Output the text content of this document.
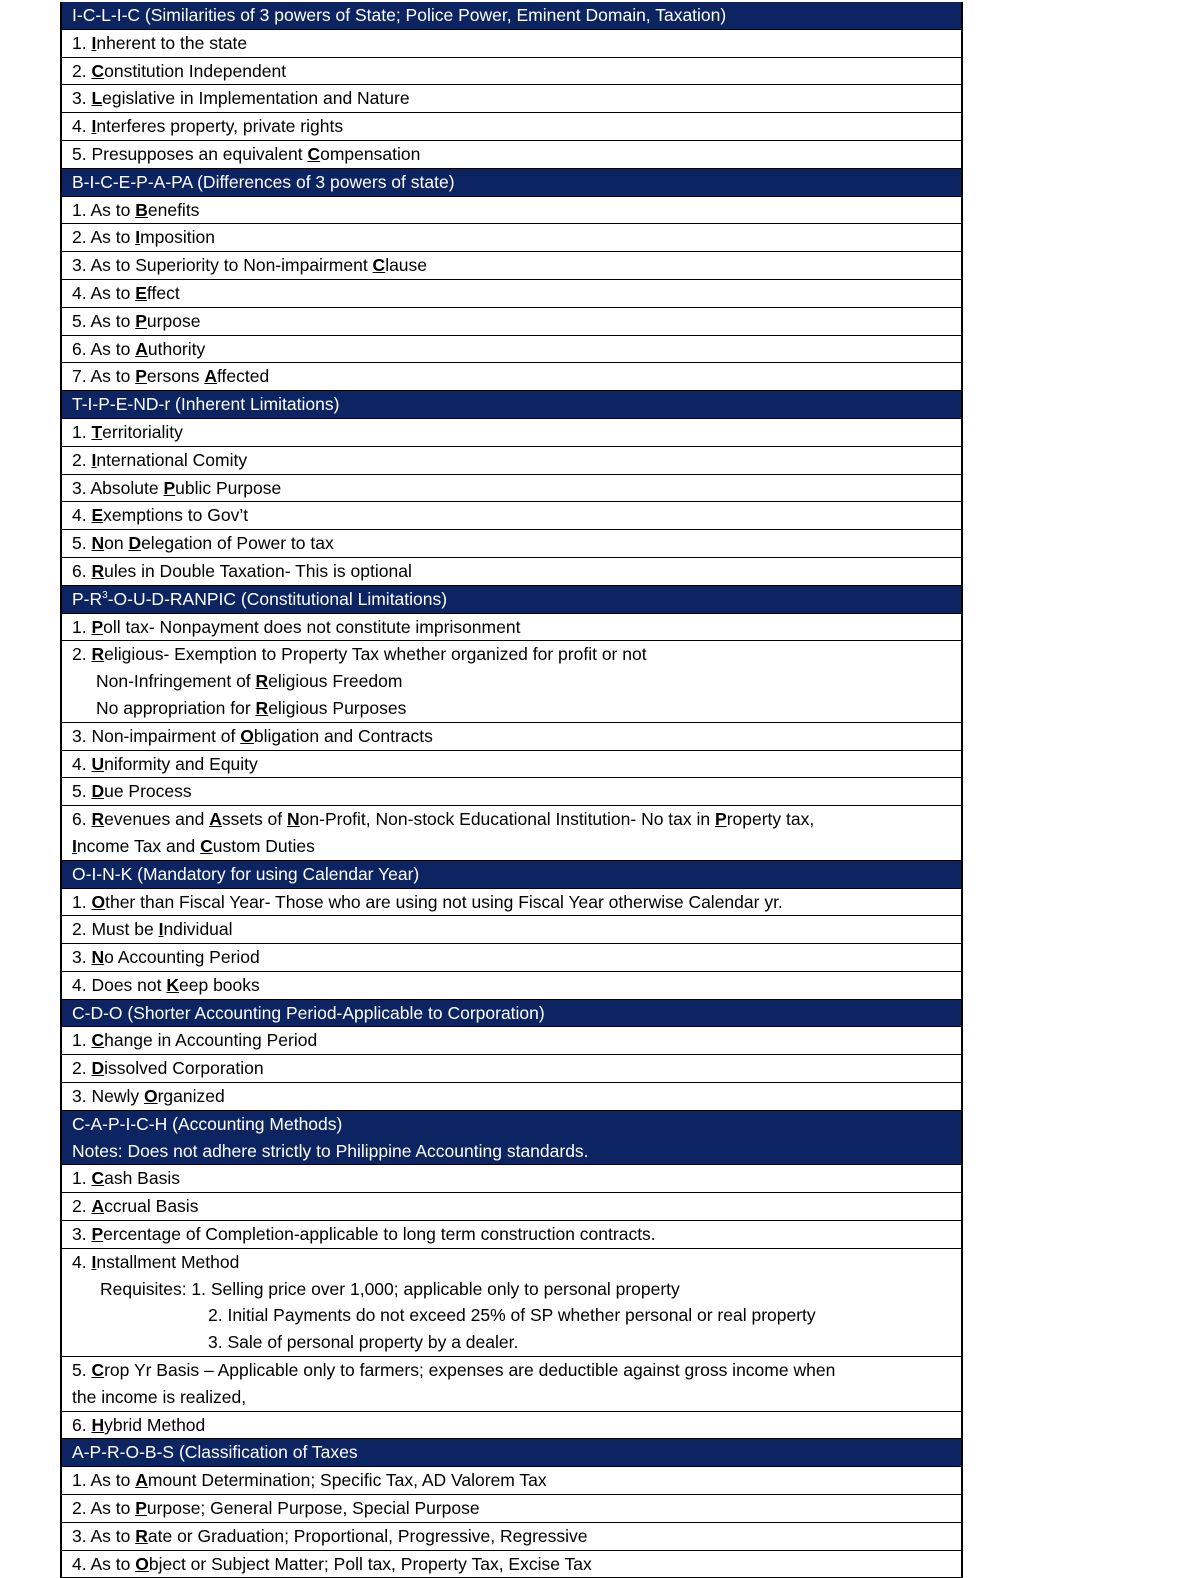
I-C-L-I-C (Similarities of 3 powers of State; Police Power, Eminent Domain, Taxation)
1. Inherent to the state
2. Constitution Independent
3. Legislative in Implementation and Nature
4. Interferes property, private rights
5. Presupposes an equivalent Compensation
B-I-C-E-P-A-PA (Differences of 3 powers of state)
1. As to Benefits
2. As to Imposition
3. As to Superiority to Non-impairment Clause
4. As to Effect
5. As to Purpose
6. As to Authority
7. As to Persons Affected
T-I-P-E-ND-r (Inherent Limitations)
1. Territoriality
2. International Comity
3. Absolute Public Purpose
4. Exemptions to Gov’t
5. Non Delegation of Power to tax
6. Rules in Double Taxation- This is optional
$P-R^3-O-U-D$-RANPIC (Constitutional Limitations)
1. Poll tax- Nonpayment does not constitute imprisonment
2. Religious- Exemption to Property Tax whether organized for profit or not
Non-Infringement of Religious Freedom
No appropriation for Religious Purposes
3. Non-impairment of Obligation and Contracts
4. Uniformity and Equity
5. Due Process
6. Revenues and Assets of Non-Profit, Non-stock Educational Institution- No tax in Property tax,
Income Tax and Custom Duties
O-I-N-K (Mandatory for using Calendar Year)
1. Other than Fiscal Year- Those who are using not using Fiscal Year otherwise Calendar yr.
2. Must be Individual
3. No Accounting Period
4. Does not Keep books
C-D-O (Shorter Accounting Period-Applicable to Corporation)
1. Change in Accounting Period
2. Dissolved Corporation
3. Newly Organized
C-A-P-I-C-H (Accounting Methods)
Notes: Does not adhere strictly to Philippine Accounting standards.
1. Cash Basis
2. Accrual Basis
3. Percentage of Completion-applicable to long term construction contracts.
4. Installment Method
Requisites: 1. Selling price over 1,000; applicable only to personal property
2. Initial Payments do not exceed 25% of SP whether personal or real property
3. Sale of personal property by a dealer.
5. Crop Yr Basis – Applicable only to farmers; expenses are deductible against gross income when
the income is realized,
6. Hybrid Method
A-P-R-O-B-S (Classification of Taxes
1. As to Amount Determination; Specific Tax, AD Valorem Tax
2. As to Purpose; General Purpose, Special Purpose
3. As to Rate or Graduation; Proportional, Progressive, Regressive
4. As to Object or Subject Matter; Poll tax, Property Tax, Excise Tax
